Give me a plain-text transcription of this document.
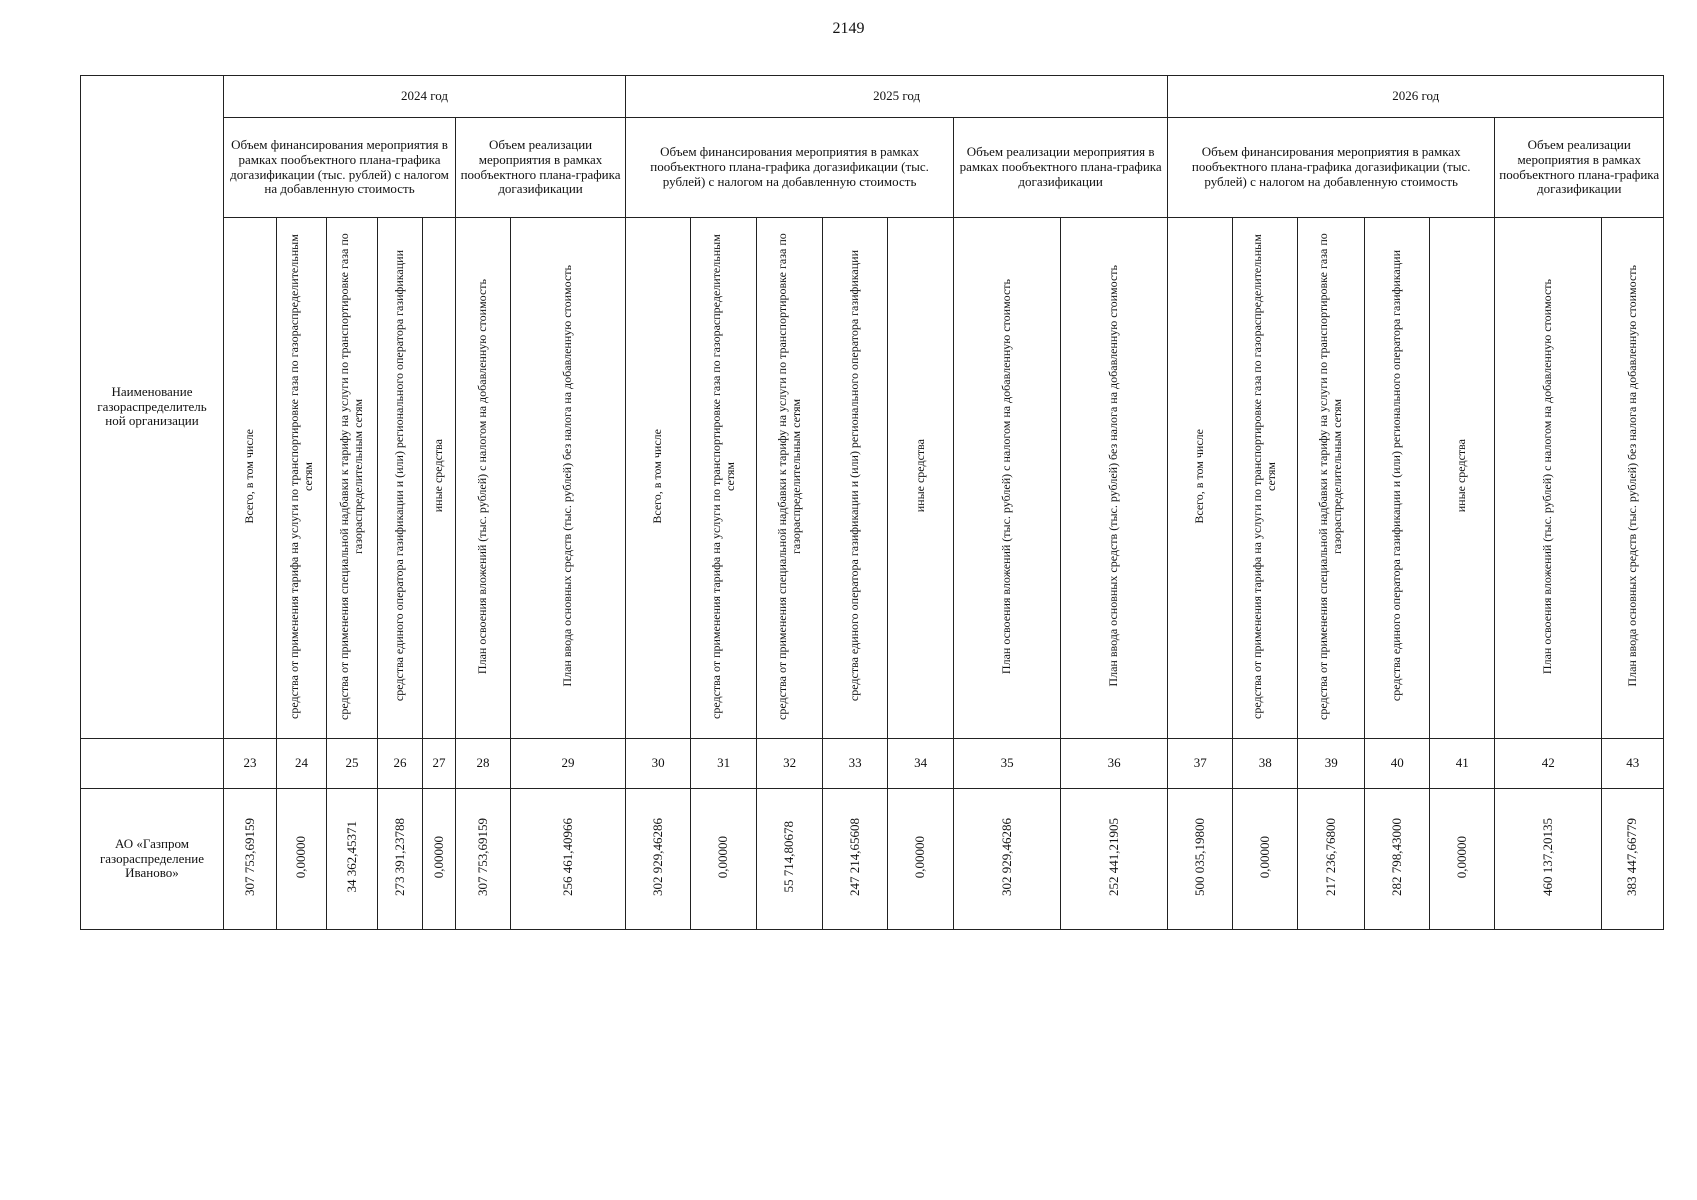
2149
Наименование газораспределитель ной организации	2024 год							2025 год							2026 год						
	Объем финансирования мероприятия в рамках пообъектного плана-графика догазификации (тыс. рублей) с налогом на добавленную стоимость					Объем реализации мероприятия в рамках пообъектного плана-графика догазификации		Объем финансирования мероприятия в рамках пообъектного плана-графика догазификации (тыс. рублей) с налогом на добавленную стоимость					Объем реализации мероприятия в рамках пообъектного плана-графика догазификации		Объем финансирования мероприятия в рамках пообъектного плана-графика догазификации (тыс. рублей) с налогом на добавленную стоимость					Объем реализации мероприятия в рамках пообъектного плана-графика догазификации	
	Всего, в том числе	средства от применения тарифа на услуги по транспортировке газа по газораспределительным сетям	средства от применения специальной надбавки к тарифу на услуги по транспортировке газа по газораспределительным сетям	средства единого оператора газификации и (или) регионального оператора газификации	иные средства	План освоения вложений (тыс. рублей) с налогом на добавленную стоимость	План ввода основных средств (тыс. рублей) без налога на добавленную стоимость	Всего, в том числе	средства от применения тарифа на услуги по транспортировке газа по газораспределительным сетям	средства от применения специальной надбавки к тарифу на услуги по транспортировке газа по газораспределительным сетям	средства единого оператора газификации и (или) регионального оператора газификации	иные средства	План освоения вложений (тыс. рублей) с налогом на добавленную стоимость	План ввода основных средств (тыс. рублей) без налога на добавленную стоимость	Всего, в том числе	средства от применения тарифа на услуги по транспортировке газа по газораспределительным сетям	средства от применения специальной надбавки к тарифу на услуги по транспортировке газа по газораспределительным сетям	средства единого оператора газификации и (или) регионального оператора газификации	иные средства	План освоения вложений (тыс. рублей) с налогом на добавленную стоимость	План ввода основных средств (тыс. рублей) без налога на добавленную стоимость
	23	24	25	26	27	28	29	30	31	32	33	34	35	36	37	38	39	40	41	42	43
АО «Газпром газораспределение Иваново»	307 753,69159	0,00000	34 362,45371	273 391,23788	0,00000	307 753,69159	256 461,40966	302 929,46286	0,00000	55 714,80678	247 214,65608	0,00000	302 929,46286	252 441,21905	500 035,19800	0,00000	217 236,76800	282 798,43000	0,00000	460 137,20135	383 447,66779
